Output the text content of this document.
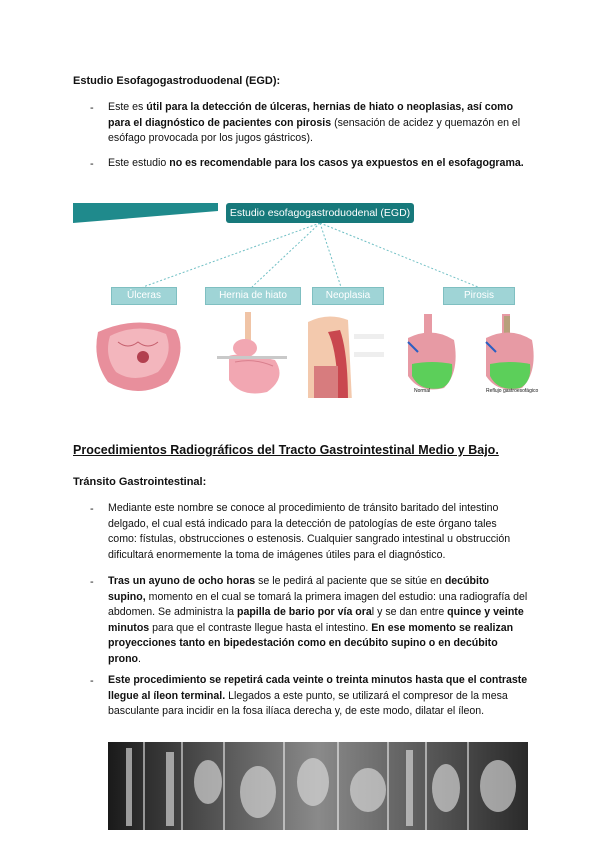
Estudio Esofagogastroduodenal (EGD):
- Este es útil para la detección de úlceras, hernias de hiato o neoplasias, así como para el diagnóstico de pacientes con pirosis (sensación de acidez y quemazón en el esófago provocada por los jugos gástricos).
- Este estudio no es recomendable para los casos ya expuestos en el esofagograma.
Estudio esofagogastroduodenal (EGD)
Úlceras	Hernia de hiato	Neoplasia	Pirosis
Normal	Reflujo gastroesofágico
Procedimientos Radiográficos del Tracto Gastrointestinal Medio y Bajo.
Tránsito Gastrointestinal:
- Mediante este nombre se conoce al procedimiento de tránsito baritado del intestino delgado, el cual está indicado para la detección de patologías de este órgano tales como: fístulas, obstrucciones o estenosis. Cualquier sangrado intestinal u obstrucción dificultará enormemente la toma de imágenes útiles para el diagnóstico.
- Tras un ayuno de ocho horas se le pedirá al paciente que se sitúe en decúbito supino, momento en el cual se tomará la primera imagen del estudio: una radiografía del abdomen. Se administra la papilla de bario por vía oral y se dan entre quince y veinte minutos para que el contraste llegue hasta el intestino. En ese momento se realizan proyecciones tanto en bipedestación como en decúbito supino o en decúbito prono.
- Este procedimiento se repetirá cada veinte o treinta minutos hasta que el contraste llegue al íleon terminal. Llegados a este punto, se utilizará el compresor de la mesa basculante para incidir en la fosa ilíaca derecha y, de este modo, dilatar el íleon.
